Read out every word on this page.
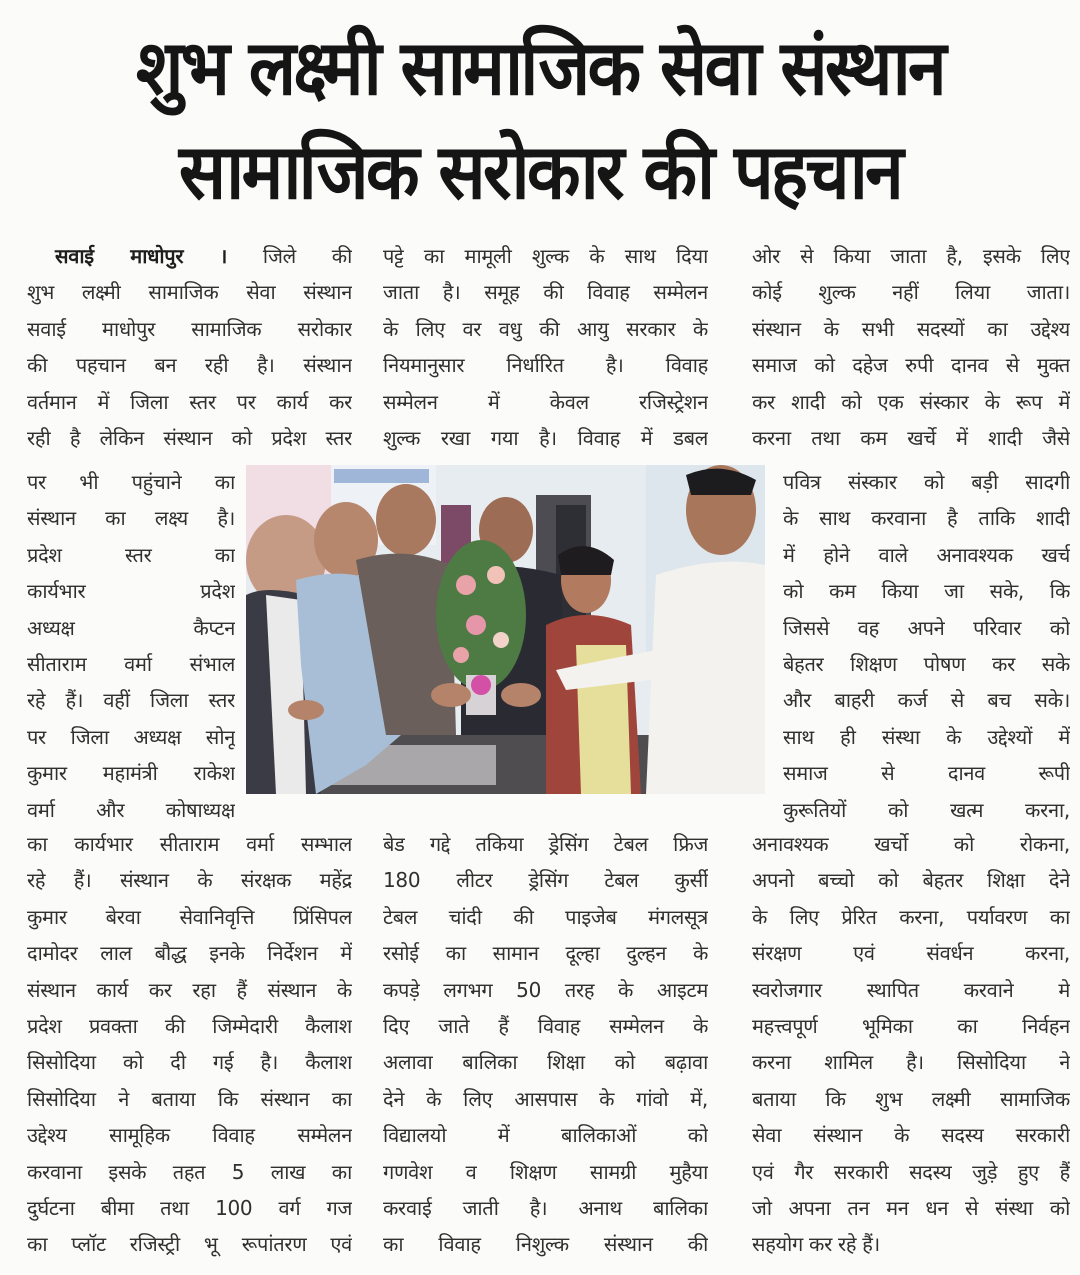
शुभ लक्ष्मी सामाजिक सेवा संस्थान
सामाजिक सरोकार की पहचान
सवाई माधोपुर । जिले की
शुभ लक्ष्मी सामाजिक सेवा संस्थान
सवाई माधोपुर सामाजिक सरोकार
की पहचान बन रही है। संस्थान
वर्तमान में जिला स्तर पर कार्य कर
रही है लेकिन संस्थान को प्रदेश स्तर
पर भी पहुंचाने का
संस्थान का लक्ष्य है।
प्रदेश स्तर का
कार्यभार प्रदेश
अध्यक्ष कैप्टन
सीताराम वर्मा संभाल
रहे हैं। वहीं जिला स्तर
पर जिला अध्यक्ष सोनू
कुमार महामंत्री राकेश
वर्मा और कोषाध्यक्ष
का कार्यभार सीताराम वर्मा सम्भाल
रहे हैं। संस्थान के संरक्षक महेंद्र
कुमार बेरवा सेवानिवृत्ति प्रिंसिपल
दामोदर लाल बौद्ध इनके निर्देशन में
संस्थान कार्य कर रहा हैं संस्थान के
प्रदेश प्रवक्ता की जिम्मेदारी कैलाश
सिसोदिया को दी गई है। कैलाश
सिसोदिया ने बताया कि संस्थान का
उद्देश्य सामूहिक विवाह सम्मेलन
करवाना इसके तहत 5 लाख का
दुर्घटना बीमा तथा 100 वर्ग गज
का प्लॉट रजिस्ट्री भू रूपांतरण एवं
पट्टे का मामूली शुल्क के साथ दिया
जाता है। समूह की विवाह सम्मेलन
के लिए वर वधु की आयु सरकार के
नियमानुसार निर्धारित है। विवाह
सम्मेलन में केवल रजिस्ट्रेशन
शुल्क रखा गया है। विवाह में डबल
बेड गद्दे तकिया ड्रेसिंग टेबल फ्रिज
180 लीटर ड्रेसिंग टेबल कुर्सी
टेबल चांदी की पाइजेब मंगलसूत्र
रसोई का सामान दूल्हा दुल्हन के
कपड़े लगभग 50 तरह के आइटम
दिए जाते हैं विवाह सम्मेलन के
अलावा बालिका शिक्षा को बढ़ावा
देने के लिए आसपास के गांवो में,
विद्यालयो में बालिकाओं को
गणवेश व शिक्षण सामग्री मुहैया
करवाई जाती है। अनाथ बालिका
का विवाह निशुल्क संस्थान की
ओर से किया जाता है, इसके लिए
कोई शुल्क नहीं लिया जाता।
संस्थान के सभी सदस्यों का उद्देश्य
समाज को दहेज रुपी दानव से मुक्त
कर शादी को एक संस्कार के रूप में
करना तथा कम खर्चे में शादी जैसे
पवित्र संस्कार को बड़ी सादगी
के साथ करवाना है ताकि शादी
में होने वाले अनावश्यक खर्च
को कम किया जा सके, कि
जिससे वह अपने परिवार को
बेहतर शिक्षण पोषण कर सके
और बाहरी कर्ज से बच सके।
साथ ही संस्था के उद्देश्यों में
समाज से दानव रूपी
कुरूतियों को खत्म करना,
अनावश्यक खर्चो को रोकना,
अपनो बच्चो को बेहतर शिक्षा देने
के लिए प्रेरित करना, पर्यावरण का
संरक्षण एवं संवर्धन करना,
स्वरोजगार स्थापित करवाने मे
महत्त्वपूर्ण भूमिका का निर्वहन
करना शामिल है। सिसोदिया ने
बताया कि शुभ लक्ष्मी सामाजिक
सेवा संस्थान के सदस्य सरकारी
एवं गैर सरकारी सदस्य जुड़े हुए हैं
जो अपना तन मन धन से संस्था को
सहयोग कर रहे हैं।
